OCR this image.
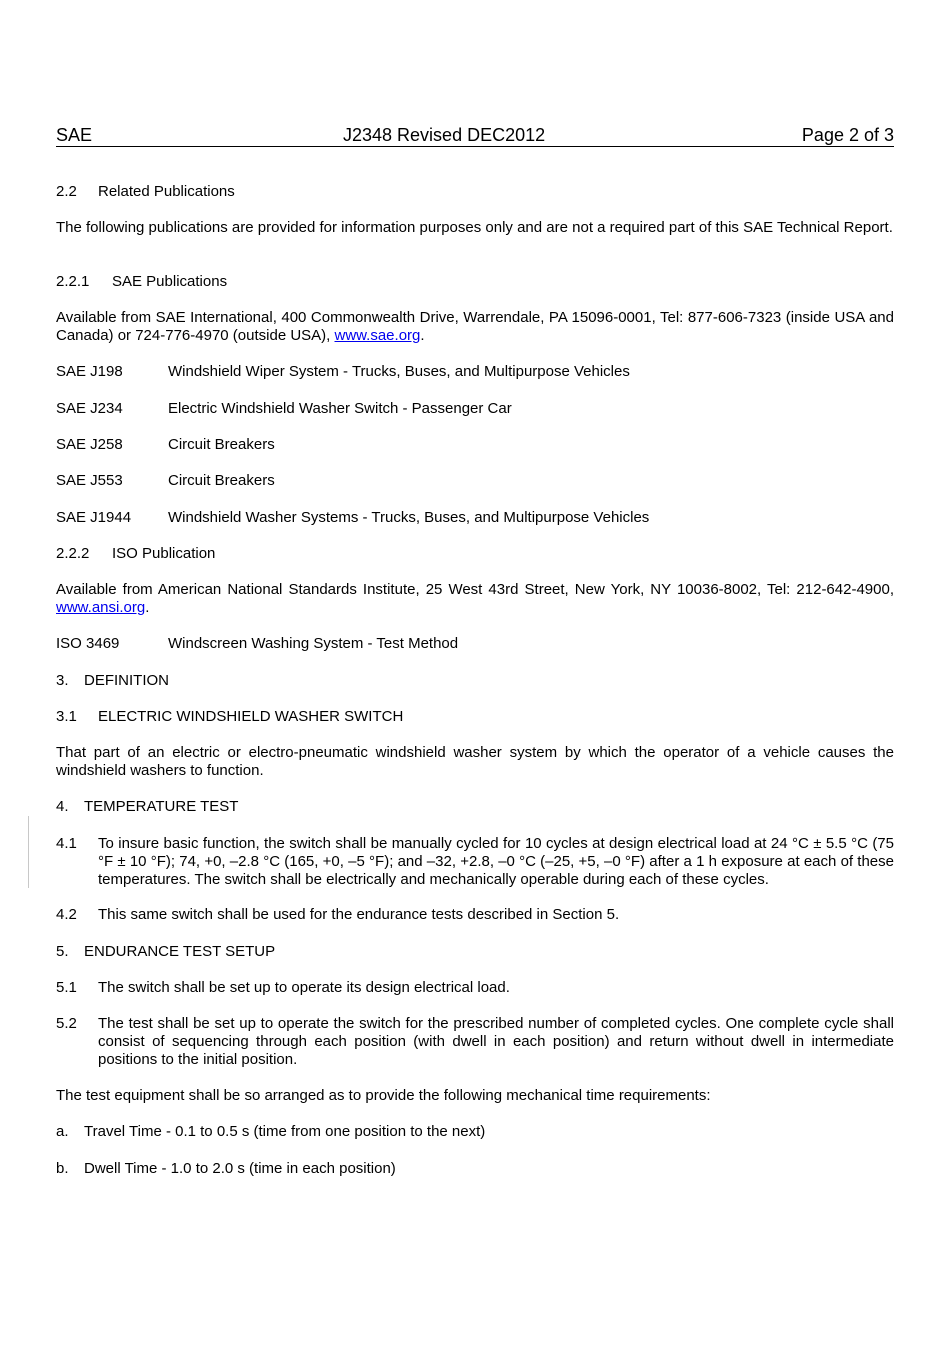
SAE	J2348 Revised DEC2012	Page 2 of 3
2.2 Related Publications
The following publications are provided for information purposes only and are not a required part of this SAE Technical Report.
2.2.1 SAE Publications
Available from SAE International, 400 Commonwealth Drive, Warrendale, PA 15096-0001, Tel: 877-606-7323 (inside USA and Canada) or 724-776-4970 (outside USA), www.sae.org.
SAE J198	Windshield Wiper System - Trucks, Buses, and Multipurpose Vehicles
SAE J234	Electric Windshield Washer Switch - Passenger Car
SAE J258	Circuit Breakers
SAE J553	Circuit Breakers
SAE J1944 Windshield Washer Systems - Trucks, Buses, and Multipurpose Vehicles
2.2.2 ISO Publication
Available from American National Standards Institute, 25 West 43rd Street, New York, NY 10036-8002, Tel: 212-642-4900, www.ansi.org.
ISO 3469	Windscreen Washing System - Test Method
3. DEFINITION
3.1 ELECTRIC WINDSHIELD WASHER SWITCH
That part of an electric or electro-pneumatic windshield washer system by which the operator of a vehicle causes the windshield washers to function.
4. TEMPERATURE TEST
4.1 To insure basic function, the switch shall be manually cycled for 10 cycles at design electrical load at 24 °C ± 5.5 °C (75 °F ± 10 °F); 74, +0, –2.8 °C (165, +0, –5 °F); and –32, +2.8, –0 °C (–25, +5, –0 °F) after a 1 h exposure at each of these temperatures. The switch shall be electrically and mechanically operable during each of these cycles.
4.2 This same switch shall be used for the endurance tests described in Section 5.
5. ENDURANCE TEST SETUP
5.1 The switch shall be set up to operate its design electrical load.
5.2 The test shall be set up to operate the switch for the prescribed number of completed cycles. One complete cycle shall consist of sequencing through each position (with dwell in each position) and return without dwell in intermediate positions to the initial position.
The test equipment shall be so arranged as to provide the following mechanical time requirements:
a. Travel Time - 0.1 to 0.5 s (time from one position to the next)
b. Dwell Time - 1.0 to 2.0 s (time in each position)
